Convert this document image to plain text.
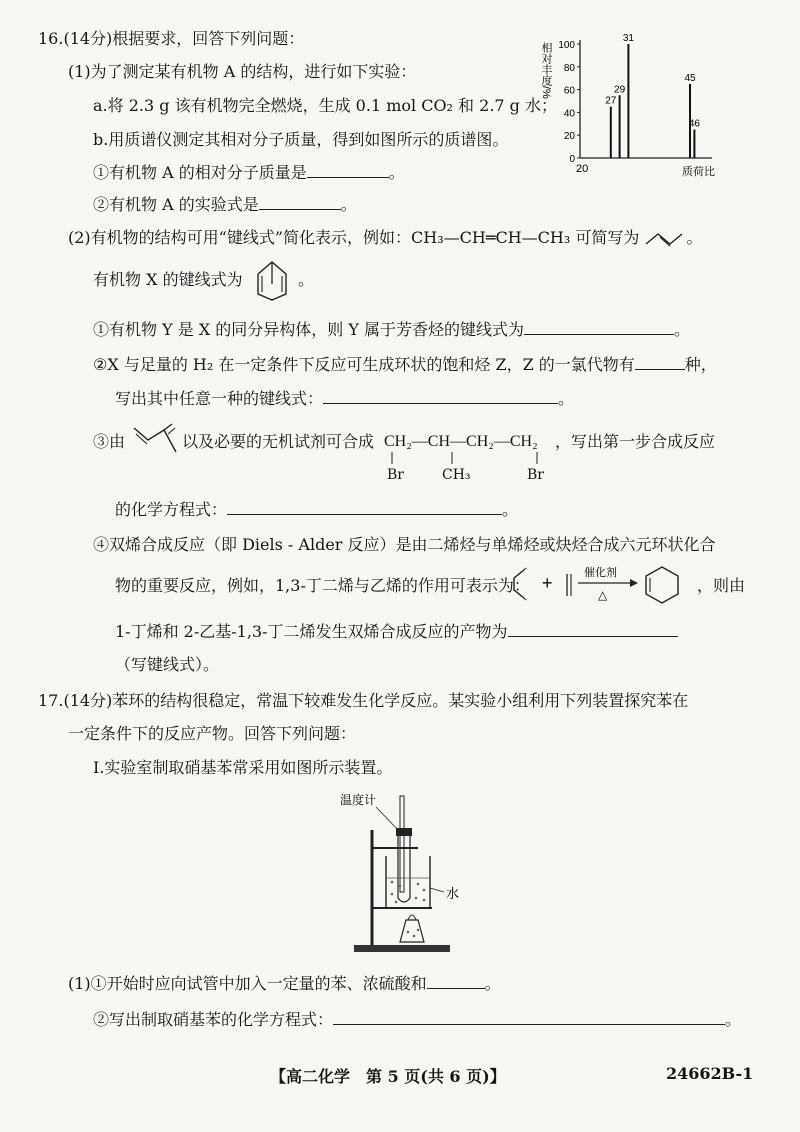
16.(14分)根据要求，回答下列问题：
(1)为了测定某有机物 A 的结构，进行如下实验：
a.将 2.3 g 该有机物完全燃烧，生成 0.1 mol CO₂ 和 2.7 g 水；
b.用质谱仪测定其相对分子质量，得到如图所示的质谱图。
①有机物 A 的相对分子质量是	。
②有机物 A 的实验式是	。
相对丰度/%
0
20
40
60
80
100
27
29
31
45
46
20	质荷比
(2)有机物的结构可用“键线式”简化表示，例如：CH₃—CH═CH—CH₃ 可简写为	。
有机物 X 的键线式为	。
①有机物 Y 是 X 的同分异构体，则 Y 属于芳香烃的键线式为	。
②X 与足量的 H₂ 在一定条件下反应可生成环状的饱和烃 Z，Z 的一氯代物有	种，
写出其中任意一种的键线式：	。
③由	以及必要的无机试剂可合成 CH₂—CH—CH₂—CH₂
Br	CH₃	Br
，写出第一步合成反应
的化学方程式：	。
④双烯合成反应（即 Diels - Alder 反应）是由二烯烃与单烯烃或炔烃合成六元环状化合
物的重要反应，例如，1,3-丁二烯与乙烯的作用可表示为： +	催化剂
△	，则由
1-丁烯和 2-乙基-1,3-丁二烯发生双烯合成反应的产物为
（写键线式）。
17.(14分)苯环的结构很稳定，常温下较难发生化学反应。某实验小组利用下列装置探究苯在
一定条件下的反应产物。回答下列问题：
Ⅰ.实验室制取硝基苯常采用如图所示装置。
温度计
水
(1)①开始时应向试管中加入一定量的苯、浓硫酸和	。
②写出制取硝基苯的化学方程式：	。
【高二化学　第 5 页(共 6 页)】	24662B-1
